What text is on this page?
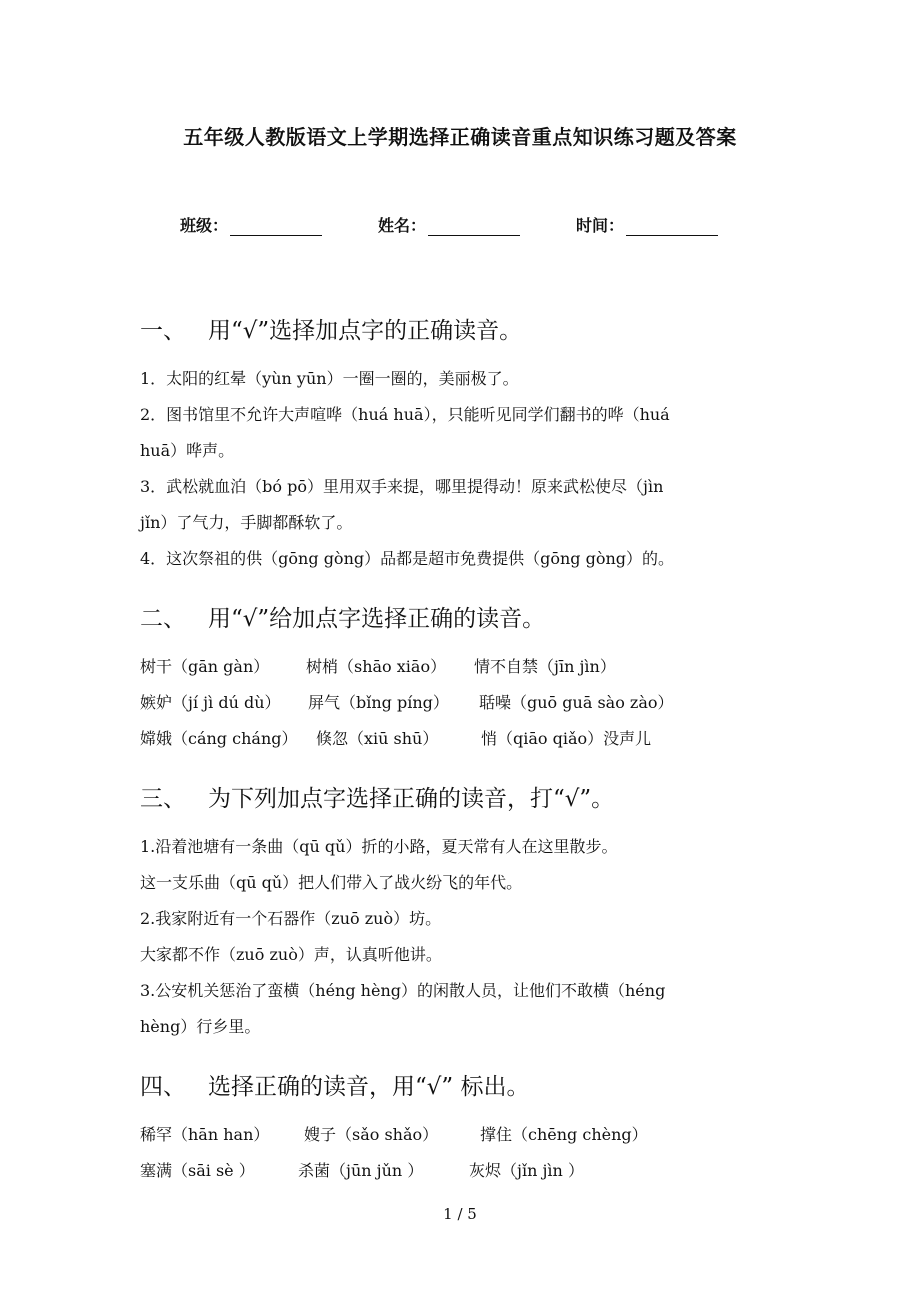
五年级人教版语文上学期选择正确读音重点知识练习题及答案
班级：	姓名：	时间：
一、 用“√”选择加点字的正确读音。
1．太阳的红晕（yùn yūn）一圈一圈的，美丽极了。
2．图书馆里不允许大声喧哗（huá huā），只能听见同学们翻书的哗（huá
huā）哗声。
3．武松就血泊（bó pō）里用双手来提，哪里提得动！原来武松使尽（jìn
jǐn）了气力，手脚都酥软了。
4．这次祭祖的供（gōng gòng）品都是超市免费提供（gōng gòng）的。
二、 用“√”给加点字选择正确的读音。
树干（gān gàn）	树梢（shāo xiāo）	情不自禁（jīn jìn）
嫉妒（jí jì dú dù）	屏气（bǐng píng）	聒噪（guō guā sào zào）
嫦娥（cáng cháng）	倏忽（xiū shū）	悄（qiāo qiǎo）没声儿
三、 为下列加点字选择正确的读音，打“√”。
1.沿着池塘有一条曲（qū qǔ）折的小路，夏天常有人在这里散步。
这一支乐曲（qū qǔ）把人们带入了战火纷飞的年代。
2.我家附近有一个石器作（zuō zuò）坊。
大家都不作（zuō zuò）声，认真听他讲。
3.公安机关惩治了蛮横（héng hèng）的闲散人员，让他们不敢横（héng
hèng）行乡里。
四、 选择正确的读音，用“√” 标出。
稀罕（hān han）	嫂子（sǎo shǎo）	撑住（chēng chèng）
塞满（sāi sè ）	杀菌（jūn jǔn ）	灰烬（jǐn jìn ）
1 / 5
